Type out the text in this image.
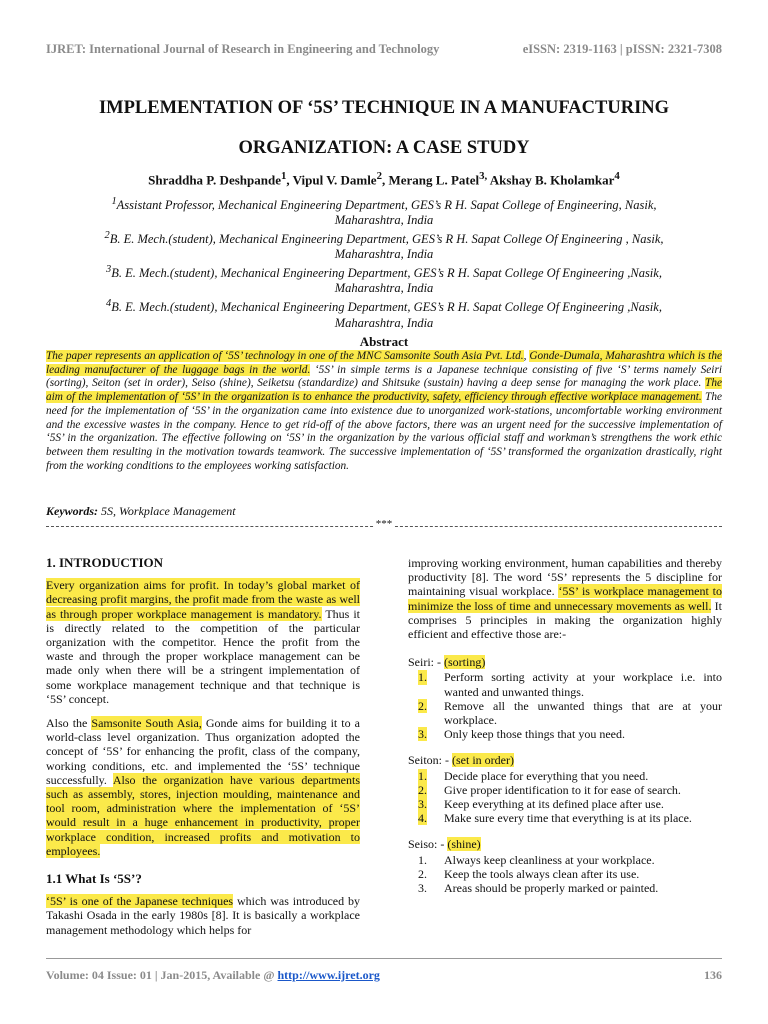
IJRET: International Journal of Research in Engineering and Technology	eISSN: 2319-1163 | pISSN: 2321-7308
IMPLEMENTATION OF ‘5S’ TECHNIQUE IN A MANUFACTURING
ORGANIZATION: A CASE STUDY
Shraddha P. Deshpande$^1$, Vipul V. Damle$^2$, Merang L. Patel$^{3,}$ Akshay B. Kholamkar$^4$
$^1$Assistant Professor, Mechanical Engineering Department, GES’s R H. Sapat College of Engineering, Nasik,
Maharashtra, India
$^2$B. E. Mech.(student), Mechanical Engineering Department, GES’s R H. Sapat College Of Engineering , Nasik,
Maharashtra, India
$^3$B. E. Mech.(student), Mechanical Engineering Department, GES’s R H. Sapat College Of Engineering ,Nasik,
Maharashtra, India
$^4$B. E. Mech.(student), Mechanical Engineering Department, GES’s R H. Sapat College Of Engineering ,Nasik,
Maharashtra, India
Abstract
The paper represents an application of ‘5S’ technology in one of the MNC Samsonite South Asia Pvt. Ltd., Gonde-Dumala, Maharashtra which is the leading manufacturer of the luggage bags in the world. ‘5S’ in simple terms is a Japanese technique consisting of five ‘S’ terms namely Seiri (sorting), Seiton (set in order), Seiso (shine), Seiketsu (standardize) and Shitsuke (sustain) having a deep sense for managing the work place. The aim of the implementation of ‘5S’ in the organization is to enhance the productivity, safety, efficiency through effective workplace management. The need for the implementation of ‘5S’ in the organization came into existence due to unorganized work-stations, uncomfortable working environment and the excessive wastes in the company. Hence to get rid-off of the above factors, there was an urgent need for the successive implementation of ‘5S’ in the organization. The effective following on ‘5S’ in the organization by the various official staff and workman’s strengthens the work ethic between them resulting in the motivation towards teamwork. The successive implementation of ‘5S’ transformed the organization drastically, right from the working conditions to the employees working satisfaction.
Keywords: 5S, Workplace Management
***
1. INTRODUCTION

Every organization aims for profit. In today’s global market of decreasing profit margins, the profit made from the waste as well as through proper workplace management is mandatory. Thus it is directly related to the competition of the particular organization with the competitor. Hence the profit from the waste and through the proper workplace management can be made only when there will be a stringent implementation of some workplace management technique and that technique is ‘5S’ concept.

Also the Samsonite South Asia, Gonde aims for building it to a world-class level organization. Thus organization adopted the concept of ‘5S’ for enhancing the profit, class of the company, working conditions, etc. and implemented the ‘5S’ technique successfully. Also the organization have various departments such as assembly, stores, injection moulding, maintenance and tool room, administration where the implementation of ‘5S’ would result in a huge enhancement in productivity, proper workplace condition, increased profits and motivation to employees.

1.1 What Is ‘5S’?

‘5S’ is one of the Japanese techniques which was introduced by Takashi Osada in the early 1980s [8]. It is basically a workplace management methodology which helps for

improving working environment, human capabilities and thereby productivity [8]. The word ‘5S’ represents the 5 discipline for maintaining visual workplace. ‘5S’ is workplace management to minimize the loss of time and unnecessary movements as well. It comprises 5 principles in making the organization highly efficient and effective those are:-

Seiri: - (sorting)
1.	Perform sorting activity at your workplace i.e. into wanted and unwanted things.
2.	Remove all the unwanted things that are at your workplace.
3.	Only keep those things that you need.
Seiton: - (set in order)
1.	Decide place for everything that you need.
2.	Give proper identification to it for ease of search.
3.	Keep everything at its defined place after use.
4.	Make sure every time that everything is at its place.
Seiso: - (shine)
1.	Always keep cleanliness at your workplace.
2.	Keep the tools always clean after its use.
3.	Areas should be properly marked or painted.
Volume: 04 Issue: 01 | Jan-2015, Available @ http://www.ijret.org	136
